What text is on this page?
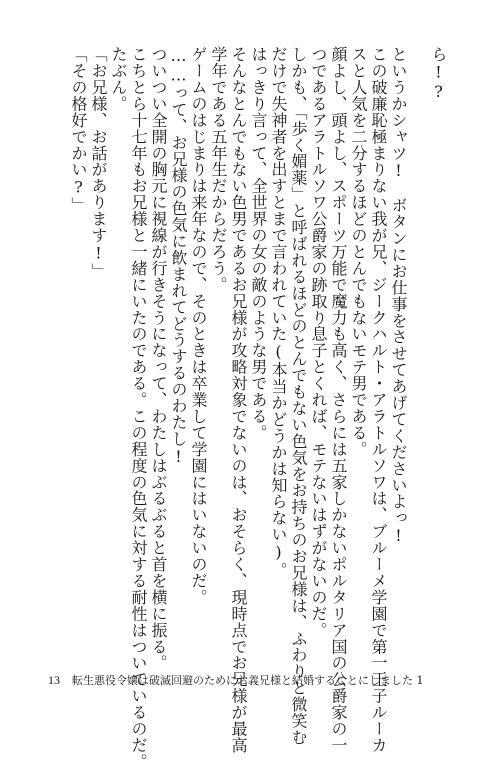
ら!?
というかシャツ!　ボタンにお仕事をさせてあげてくださいよっ!
この破廉恥極まりない我が兄、ジークハルト・アラトルソワは、ブルーメ学園で第一王子ルーカ
スと人気を二分するほどのとんでもないモテ男である。
顔よし、頭よし、スポーツ万能で魔力も高く、さらには五家しかないポルタリア国の公爵家の一
つであるアラトルソワ公爵家の跡取り息子とくれば、モテないはずがないのだ。
しかも、「歩く媚薬」と呼ばれるほどのとんでもない色気をお持ちのお兄様は、ふわりと微笑む
だけで失神者を出すとまで言われていた(本当かどうかは知らない)。
はっきり言って、全世界の女の敵のような男である。
そんなとんでもない色男であるお兄様が攻略対象でないのは、おそらく、現時点でお兄様が最高
学年である五年生だからだろう。
ゲームのはじまりは来年なので、そのときは卒業して学園にはいないのだ。
……って、お兄様の色気に飲まれてどうするのわたし!
ついつい全開の胸元に視線が行きそうになって、わたしはぶるぶると首を横に振る。
こちとら十七年もお兄様と一緒にいたのである。この程度の色気に対する耐性はついているのだ。
たぶん。
「お兄様、お話があります!」
「その格好でかい?」
13 転生悪役令嬢は破滅回避のためにお義兄様と結婚することにしました 1
